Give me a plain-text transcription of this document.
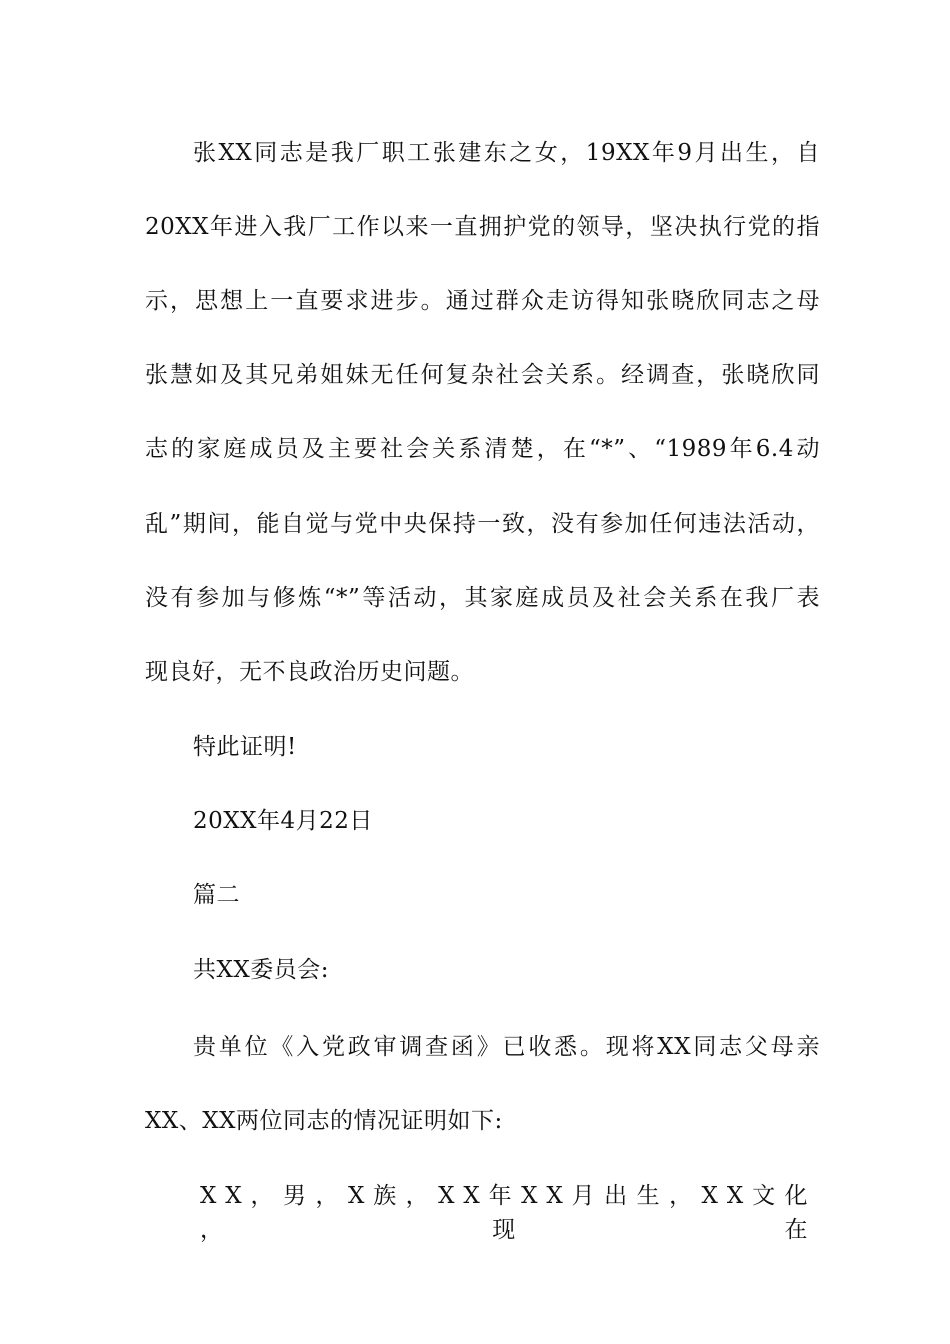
张XX同志是我厂职工张建东之女，19XX年9月出生，自
20XX年进入我厂工作以来一直拥护党的领导，坚决执行党的指
示，思想上一直要求进步。通过群众走访得知张晓欣同志之母
张慧如及其兄弟姐妹无任何复杂社会关系。经调查，张晓欣同
志的家庭成员及主要社会关系清楚，在“*”、“1989年6.4动
乱”期间，能自觉与党中央保持一致，没有参加任何违法活动，
没有参加与修炼“*”等活动，其家庭成员及社会关系在我厂表
现良好，无不良政治历史问题。
特此证明!
20XX年4月22日
篇二
共XX委员会:
贵单位《入党政审调查函》已收悉。现将XX同志父母亲
XX、XX两位同志的情况证明如下:
X X ， 男 ， X 族 ， X X 年 X X 月 出 生 ， X X 文 化 ，	现	在
